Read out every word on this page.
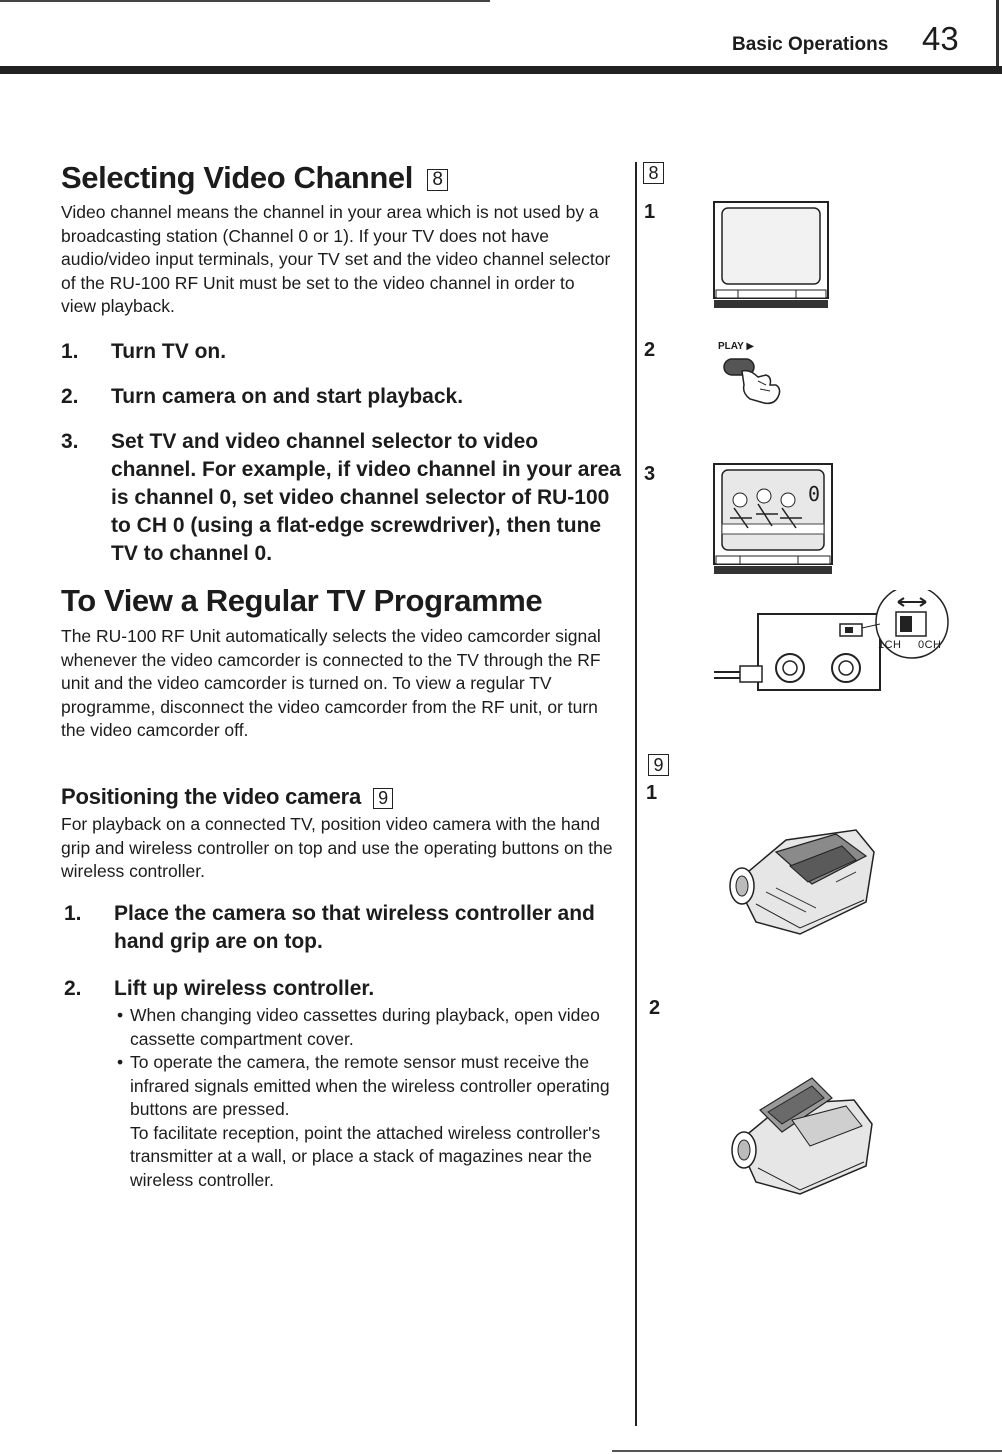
Basic Operations 43
Selecting Video Channel 8

Video channel means the channel in your area which is not used by a broadcasting station (Channel 0 or 1). If your TV does not have audio/video input terminals, your TV set and the video channel selector of the RU-100 RF Unit must be set to the video channel in order to view playback.

1. Turn TV on.
2. Turn camera on and start playback.
3. Set TV and video channel selector to video channel. For example, if video channel in your area is channel 0, set video channel selector of RU-100 to CH 0 (using a flat-edge screwdriver), then tune TV to channel 0.
To View a Regular TV Programme

The RU-100 RF Unit automatically selects the video camcorder signal whenever the video camcorder is connected to the TV through the RF unit and the video camcorder is turned on. To view a regular TV programme, disconnect the video camcorder from the RF unit, or turn the video camcorder off.

Positioning the video camera 9

For playback on a connected TV, position video camera with the hand grip and wireless controller on top and use the operating buttons on the wireless controller.

1. Place the camera so that wireless controller and hand grip are on top.
2. Lift up wireless controller.
• When changing video cassettes during playback, open video cassette compartment cover.
• To operate the camera, the remote sensor must receive the infrared signals emitted when the wireless controller operating buttons are pressed.
To facilitate reception, point the attached wireless controller's transmitter at a wall, or place a stack of magazines near the wireless controller.
8
1
2
3
PLAY ▶
0
1CH 0CH
9
1
2
